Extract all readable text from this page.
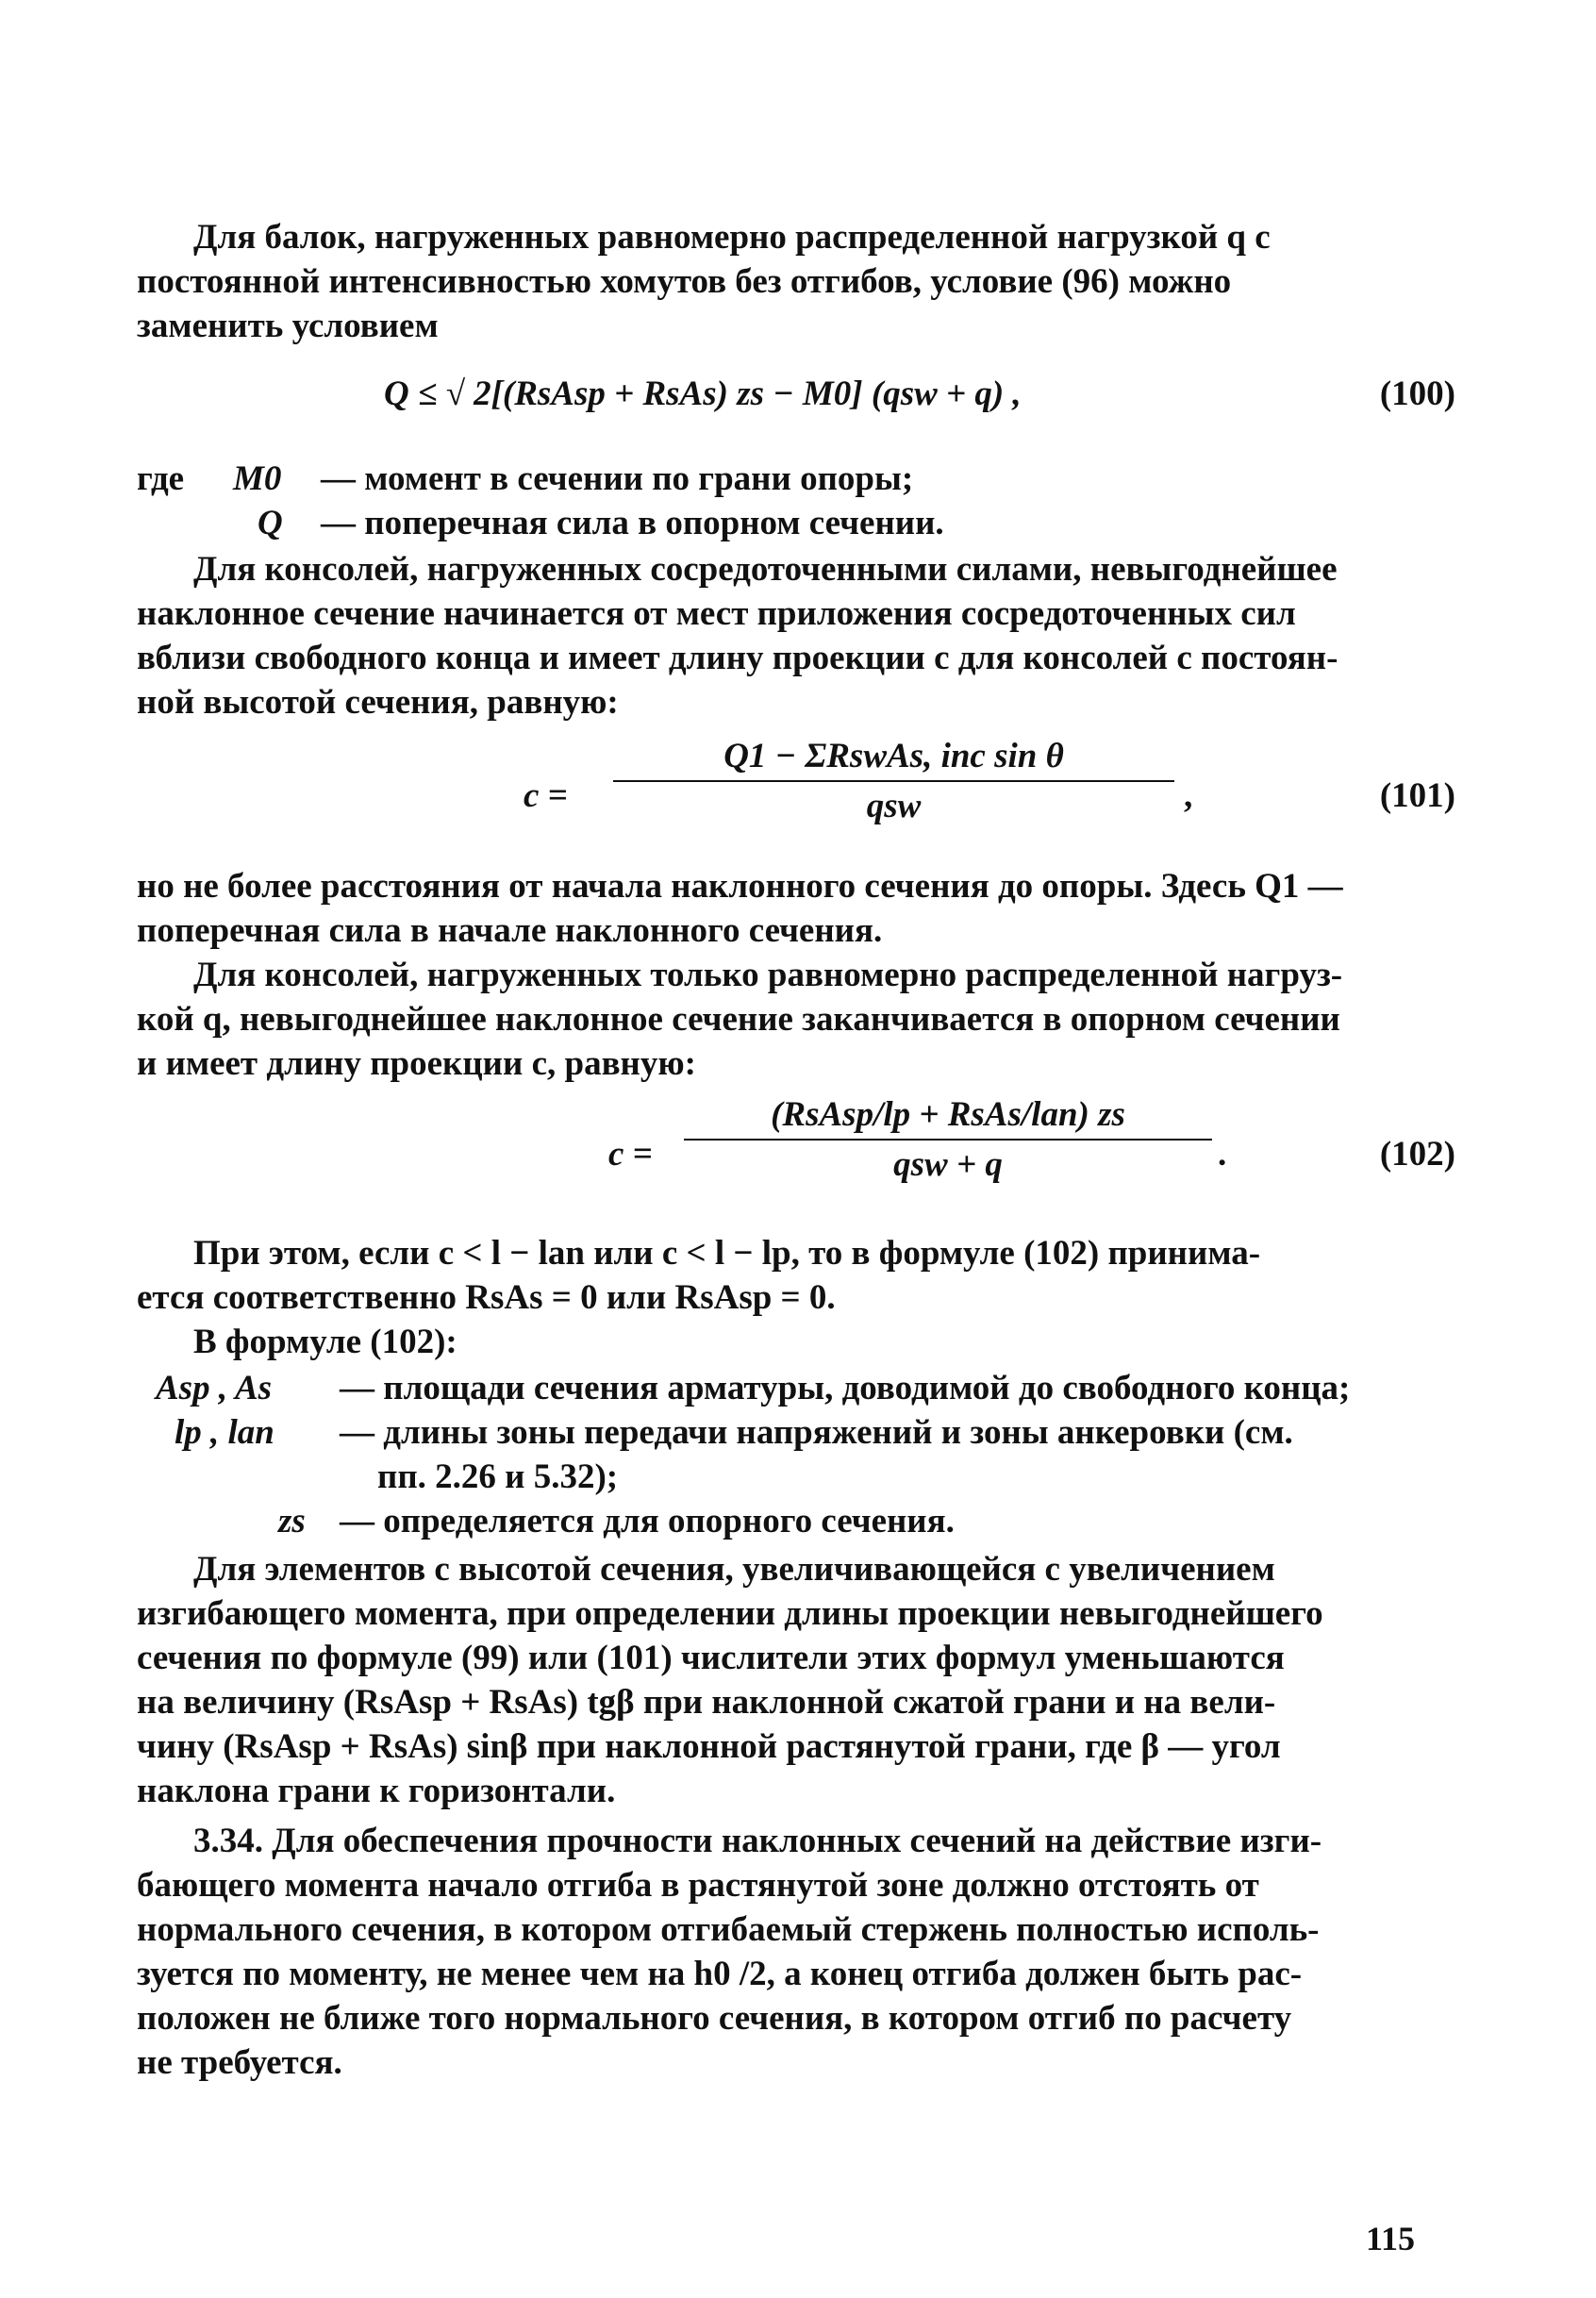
Для балок, нагруженных равномерно распределенной нагрузкой q с
постоянной интенсивностью хомутов без отгибов, условие (96) можно
заменить условием

Q ≤ √ 2[(RsAsp + RsAs) zs − M0] (qsw + q) ,	(100)
где M0 — момент в сечении по грани опоры;
Q — поперечная сила в опорном сечении.

Для консолей, нагруженных сосредоточенными силами, невыгоднейшее
наклонное сечение начинается от мест приложения сосредоточенных сил
вблизи свободного конца и имеет длину проекции c для консолей с постоян-
ной высотой сечения, равную:

c =
Q1 − ΣRswAs, inc sin θ
qsw	,	(101)

но не более расстояния от начала наклонного сечения до опоры. Здесь Q1 —
поперечная сила в начале наклонного сечения.

Для консолей, нагруженных только равномерно распределенной нагруз-
кой q, невыгоднейшее наклонное сечение заканчивается в опорном сечении
и имеет длину проекции c, равную:

c =
(RsAsp/lp + RsAs/lan) zs
qsw + q	.	(102)

При этом, если c < l − lan или c < l − lp, то в формуле (102) принима-
ется соответственно RsAs = 0 или RsAsp = 0.
В формуле (102):

Asp , As — площади сечения арматуры, доводимой до свободного конца;
lp , lan — длины зоны передачи напряжений и зоны анкеровки (см.
пп. 2.26 и 5.32);
zs — определяется для опорного сечения.

Для элементов с высотой сечения, увеличивающейся с увеличением
изгибающего момента, при определении длины проекции невыгоднейшего
сечения по формуле (99) или (101) числители этих формул уменьшаются
на величину (RsAsp + RsAs) tgβ при наклонной сжатой грани и на вели-
чину (RsAsp + RsAs) sinβ при наклонной растянутой грани, где β — угол
наклона грани к горизонтали.

3.34. Для обеспечения прочности наклонных сечений на действие изги-
бающего момента начало отгиба в растянутой зоне должно отстоять от
нормального сечения, в котором отгибаемый стержень полностью исполь-
зуется по моменту, не менее чем на h0 /2, а конец отгиба должен быть рас-
положен не ближе того нормального сечения, в котором отгиб по расчету
не требуется.

115
